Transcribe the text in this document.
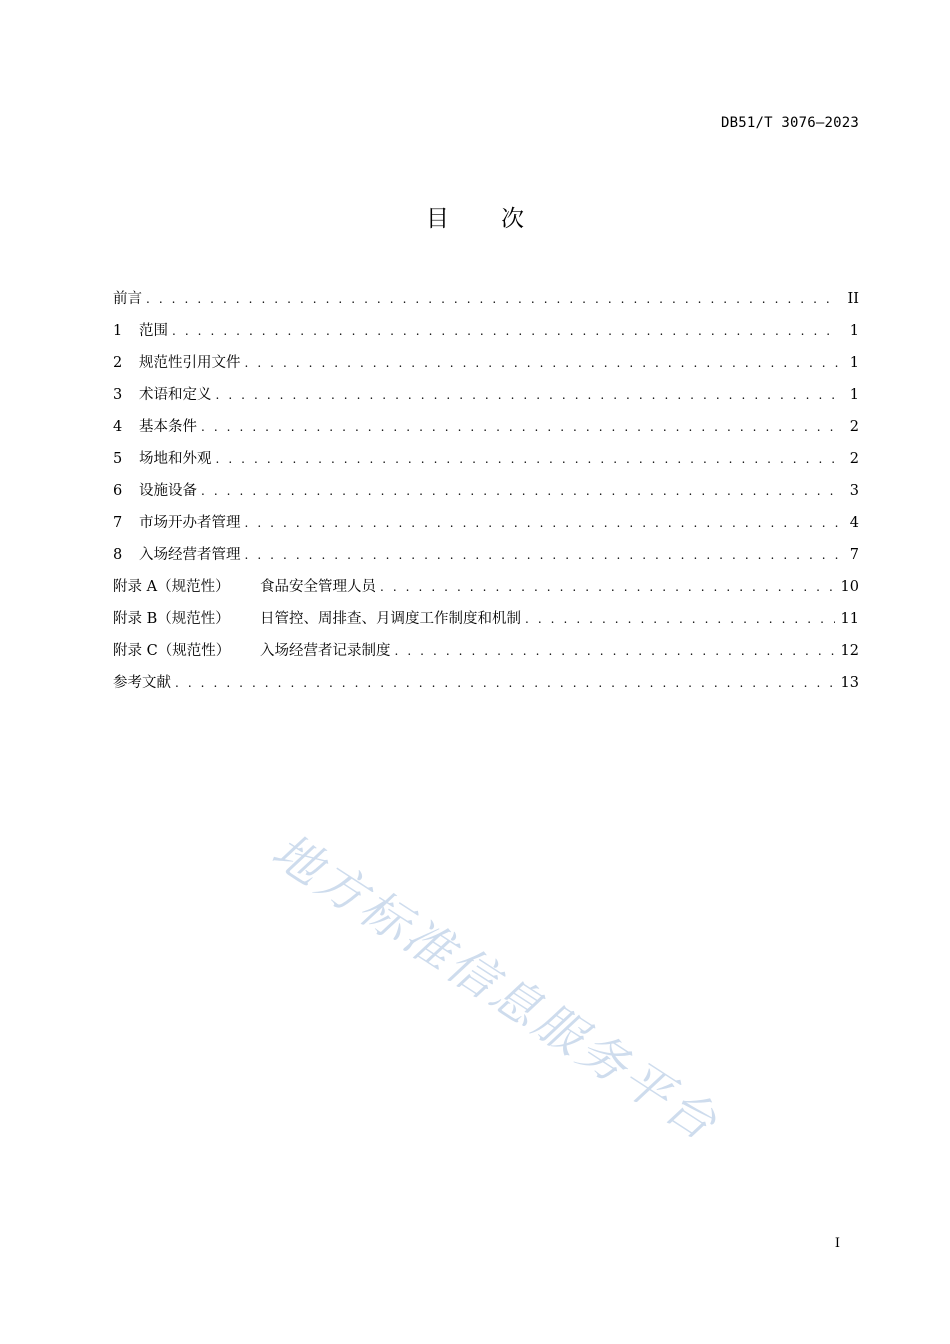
DB51/T 3076—2023
目 次
前言 . . .	II
1	范围 . . .	1
2	规范性引用文件 . . .	1
3	术语和定义 . . .	1
4	基本条件 . . .	2
5	场地和外观 . . .	2
6	设施设备 . . .	3
7	市场开办者管理 . . .	4
8	入场经营者管理 . . .	7
附录 A（规范性）	食品安全管理人员 . . .	10
附录 B（规范性）	日管控、周排查、月调度工作制度和机制 . . .	11
附录 C（规范性）	入场经营者记录制度 . . .	12
参考文献 . . .	13
地方标准信息服务平台
I
